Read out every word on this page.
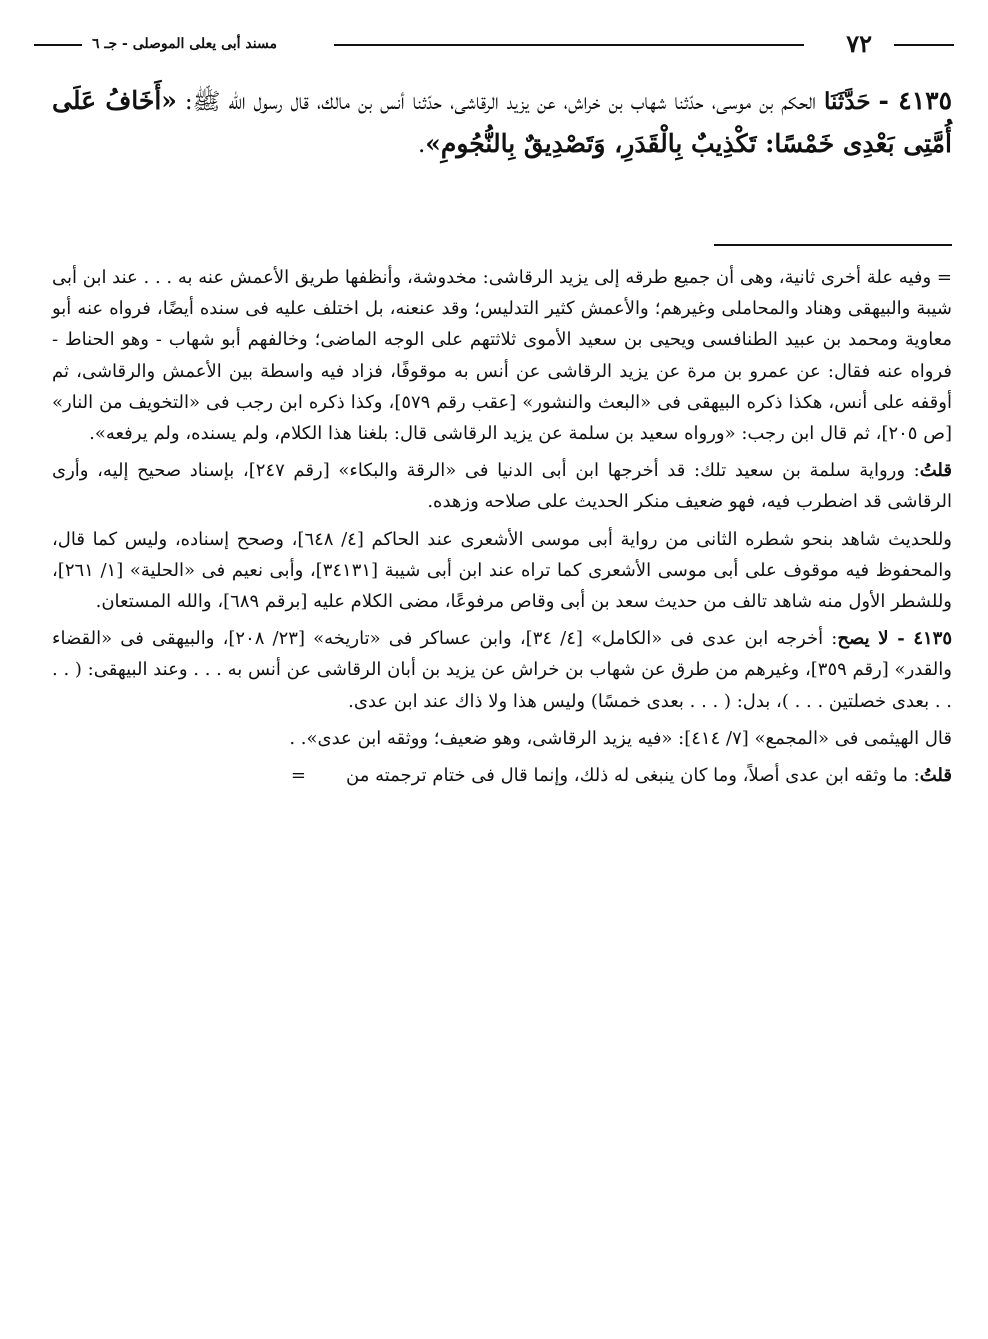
٧٢
مسند أبى يعلى الموصلى - جـ ٦
٤١٣٥ - حَدَّثَنَا الحكم بن موسى، حدّثنا شهاب بن خراش، عن يزيد الرقاشى، حدّثنا أنس بن مالك، قال رسول الله ﷺ: «أَخَافُ عَلَى أُمَّتِى بَعْدِى خَمْسًا: تَكْذِيبٌ بِالْقَدَرِ، وَتَصْدِيقٌ بِالنُّجُومِ».

= وفيه علة أخرى ثانية، وهى أن جميع طرقه إلى يزيد الرقاشى: مخدوشة، وأنظفها طريق الأعمش عنه به . . . عند ابن أبى شيبة والبيهقى وهناد والمحاملى وغيرهم؛ والأعمش كثير التدليس؛ وقد عنعنه، بل اختلف عليه فى سنده أيضًا، فرواه عنه أبو معاوية ومحمد بن عبيد الطنافسى ويحيى بن سعيد الأموى ثلاثتهم على الوجه الماضى؛ وخالفهم أبو شهاب - وهو الحناط - فرواه عنه فقال: عن عمرو بن مرة عن يزيد الرقاشى عن أنس به موقوفًا، فزاد فيه واسطة بين الأعمش والرقاشى، ثم أوقفه على أنس، هكذا ذكره البيهقى فى «البعث والنشور» [عقب رقم ٥٧٩]، وكذا ذكره ابن رجب فى «التخويف من النار» [ص ٢٠٥]، ثم قال ابن رجب: «ورواه سعيد بن سلمة عن يزيد الرقاشى قال: بلغنا هذا الكلام، ولم يسنده، ولم يرفعه».

قلتُ: ورواية سلمة بن سعيد تلك: قد أخرجها ابن أبى الدنيا فى «الرقة والبكاء» [رقم ٢٤٧]، بإسناد صحيح إليه، وأرى الرقاشى قد اضطرب فيه، فهو ضعيف منكر الحديث على صلاحه وزهده.

وللحديث شاهد بنحو شطره الثانى من رواية أبى موسى الأشعرى عند الحاكم [٤/ ٦٤٨]، وصحح إسناده، وليس كما قال، والمحفوظ فيه موقوف على أبى موسى الأشعرى كما تراه عند ابن أبى شيبة [٣٤١٣١]، وأبى نعيم فى «الحلية» [١/ ٢٦١]، وللشطر الأول منه شاهد تالف من حديث سعد بن أبى وقاص مرفوعًا، مضى الكلام عليه [برقم ٦٨٩]، والله المستعان.

٤١٣٥ - لا يصح: أخرجه ابن عدى فى «الكامل» [٤/ ٣٤]، وابن عساكر فى «تاريخه» [٢٣/ ٢٠٨]، والبيهقى فى «القضاء والقدر» [رقم ٣٥٩]، وغيرهم من طرق عن شهاب بن خراش عن يزيد بن أبان الرقاشى عن أنس به . . . وعند البيهقى: ( . . . . بعدى خصلتين . . . )، بدل: ( . . . بعدى خمسًا) وليس هذا ولا ذاك عند ابن عدى.

قال الهيثمى فى «المجمع» [٧/ ٤١٤]: «فيه يزيد الرقاشى، وهو ضعيف؛ ووثقه ابن عدى». .

قلتُ: ما وثقه ابن عدى أصلاً، وما كان ينبغى له ذلك، وإنما قال فى ختام ترجمته من=
